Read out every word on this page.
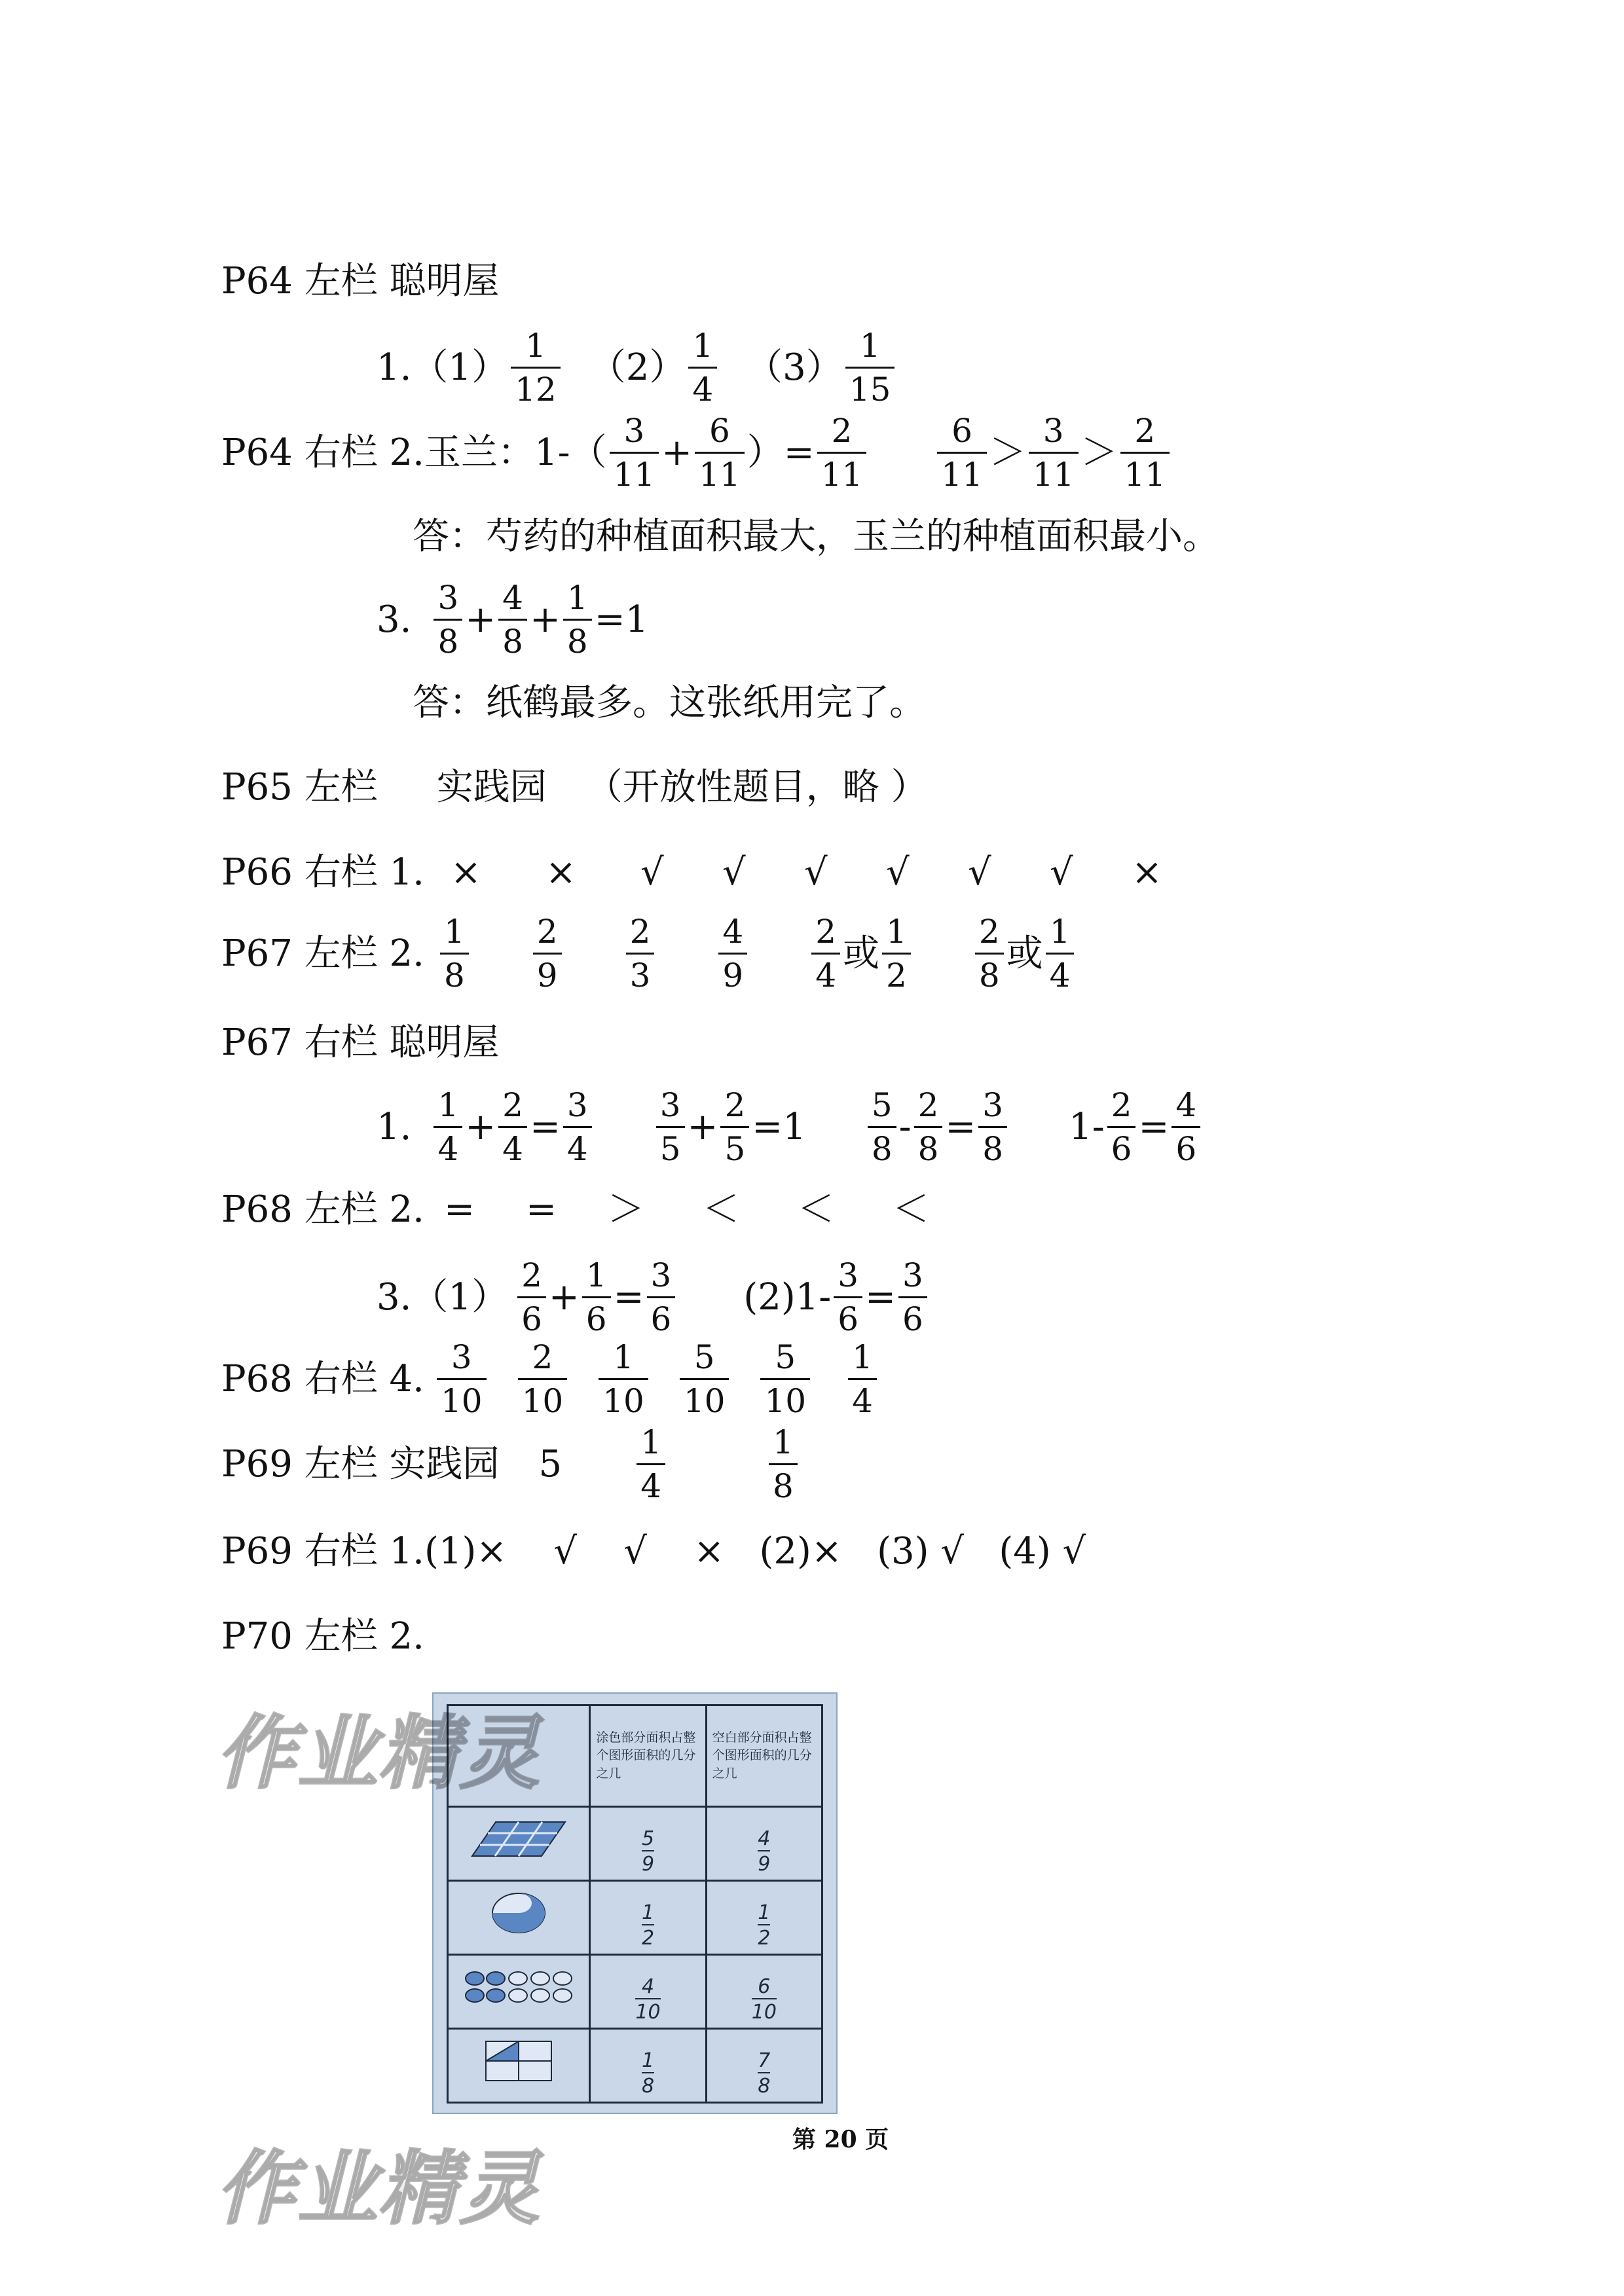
P64 左栏 聪明屋
$1.(1) \frac{1}{12} (2) \frac{1}{4} (3) \frac{1}{15}$
P64 右栏 2.玉兰：$1-( \frac{3}{11} + \frac{6}{11}$ ）= $\frac{2}{11} \frac{6}{11} > \frac{3}{11} > \frac{2}{11}$
答：芍药的种植面积最大，玉兰的种植面积最小。
3. $\frac{3}{8} + \frac{4}{8} + \frac{1}{8} =1$
答：纸鹤最多。这张纸用完了。
P65 左栏 实践园 （开放性题目，略 ）
P66 右栏 1. ×	×	√	√	√	√	√	√	×
P67 左栏 2. $\frac{1}{8} \frac{2}{9} \frac{2}{3} \frac{4}{9} \frac{2}{4}$ 或 $\frac{1}{2} \frac{2}{8}$ 或 $\frac{1}{4}$
P67 右栏 聪明屋
1. $\frac{1}{4} + \frac{2}{4} = \frac{3}{4} \frac{3}{5} + \frac{2}{5} =1 \frac{5}{8} - \frac{2}{8} = \frac{3}{8} 1- \frac{2}{6} = \frac{4}{6}$
P68 左栏 2. =	=	＞	＜	＜	＜
$3.(1) \frac{2}{6} + \frac{1}{6} = \frac{3}{6} (2)1- \frac{3}{6} = \frac{3}{6}$
P68 右栏 4. $\frac{3}{10} \frac{2}{10} \frac{1}{10} \frac{5}{10} \frac{5}{10} \frac{1}{4}$
P69 左栏 实践园 $5 \frac{1}{4}$	$\frac{1}{8}$
P69 右栏 1.(1)×    √    √    ×   (2)×   (3) √   (4) √
P70 左栏 2.
	涂色部分面积占整个图形面积的几分之几	空白部分面积占整个图形面积的几分之几

$\frac{5}{9}$	$\frac{4}{9}$

$\frac{1}{2}$	$\frac{1}{2}$

$\frac{4}{10}$	$\frac{6}{10}$

$\frac{1}{8}$	$\frac{7}{8}$
作业精灵
作业精灵
第 20 页
